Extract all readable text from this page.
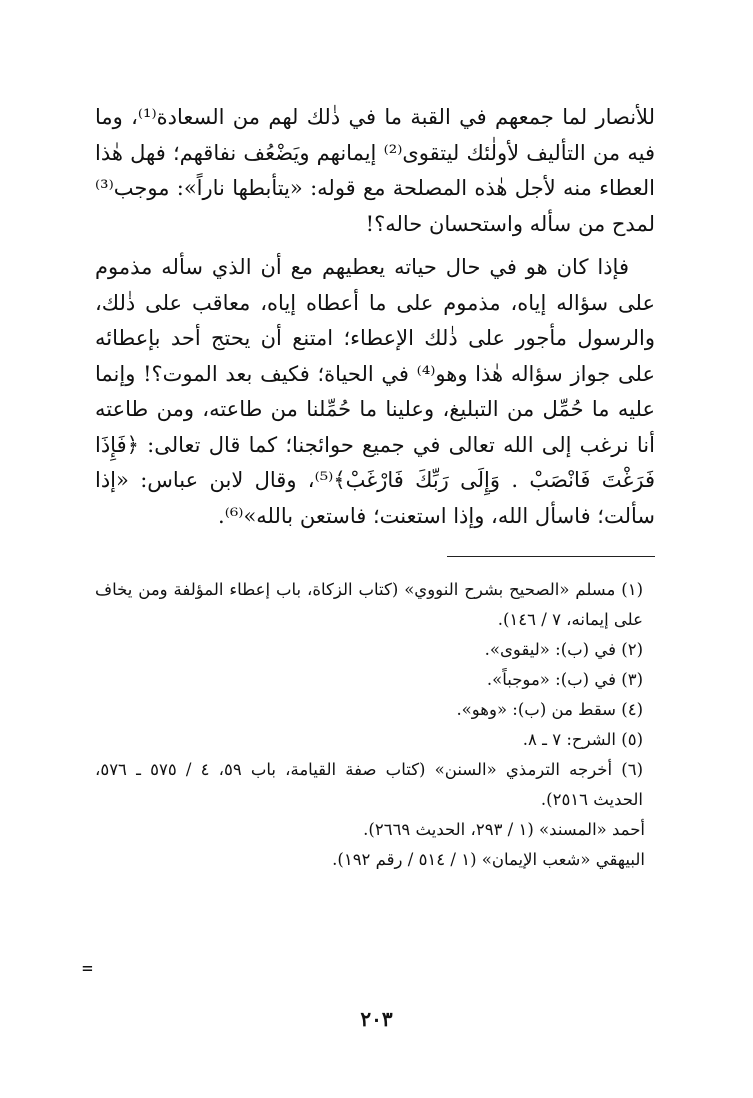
للأنصار لما جمعهم في القبة ما في ذٰلك لهم من السعادة⁽¹⁾، وما فيه من التأليف لأولٰئك ليتقوى⁽²⁾ إيمانهم ويَضْعُف نفاقهم؛ فهل هٰذا العطاء منه لأجل هٰذه المصلحة مع قوله: «يتأبطها ناراً»: موجب⁽³⁾ لمدح من سأله واستحسان حاله؟!

فإذا كان هو في حال حياته يعطيهم مع أن الذي سأله مذموم على سؤاله إياه، مذموم على ما أعطاه إياه، معاقب على ذٰلك، والرسول مأجور على ذٰلك الإعطاء؛ امتنع أن يحتج أحد بإعطائه على جواز سؤاله هٰذا وهو⁽⁴⁾ في الحياة؛ فكيف بعد الموت؟! وإنما عليه ما حُمِّل من التبليغ، وعلينا ما حُمِّلنا من طاعته، ومن طاعته أنا نرغب إلى الله تعالى في جميع حوائجنا؛ كما قال تعالى: ﴿فَإِذَا فَرَغْتَ فَانْصَبْ . وَإِلَى رَبِّكَ فَارْغَبْ﴾⁽⁵⁾، وقال لابن عباس: «إذا سألت؛ فاسأل الله، وإذا استعنت؛ فاستعن بالله»⁽⁶⁾.

(١) مسلم «الصحيح بشرح النووي» (كتاب الزكاة، باب إعطاء المؤلفة ومن يخاف على إيمانه، ٧ / ١٤٦).

(٢) في (ب): «ليقوى».

(٣) في (ب): «موجباً».

(٤) سقط من (ب): «وهو».

(٥) الشرح: ٧ ـ ٨.

(٦) أخرجه الترمذي «السنن» (كتاب صفة القيامة، باب ٥٩، ٤ / ٥٧٥ ـ ٥٧٦، الحديث ٢٥١٦).

أحمد «المسند» (١ / ٢٩٣، الحديث ٢٦٦٩).

البيهقي «شعب الإيمان» (١ / ٥١٤ / رقم ١٩٢).

=
٢٠٣
